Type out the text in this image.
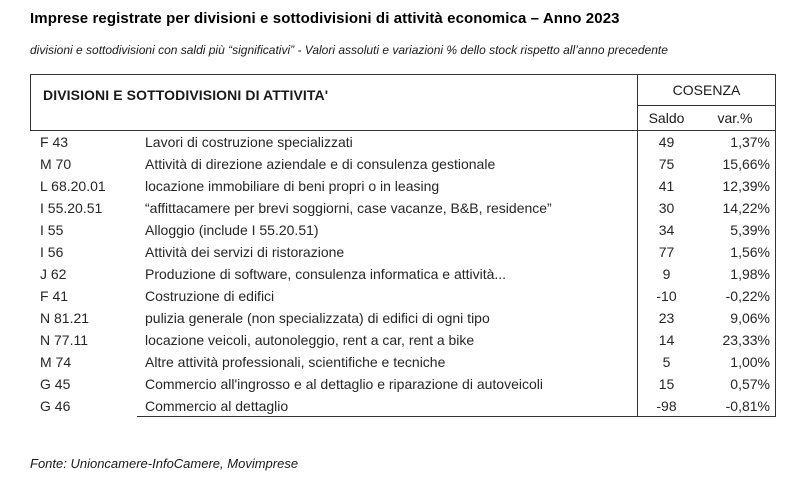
Imprese registrate per divisioni e sottodivisioni di attività economica – Anno 2023
divisioni e sottodivisioni con saldi più “significativi” - Valori assoluti e variazioni % dello stock rispetto all’anno precedente
DIVISIONI E SOTTODIVISIONI DI ATTIVITA'	COSENZA
Saldo	var.%
F 43	Lavori di costruzione specializzati	49	1,37%
M 70	Attività di direzione aziendale e di consulenza gestionale	75	15,66%
L 68.20.01	locazione immobiliare di beni propri o in leasing	41	12,39%
I 55.20.51	“affittacamere per brevi soggiorni, case vacanze, B&B, residence”	30	14,22%
I 55	Alloggio (include I 55.20.51)	34	5,39%
I 56	Attività dei servizi di ristorazione	77	1,56%
J 62	Produzione di software, consulenza informatica e attività...	9	1,98%
F 41	Costruzione di edifici	-10	-0,22%
N 81.21	pulizia generale (non specializzata) di edifici di ogni tipo	23	9,06%
N 77.11	locazione veicoli, autonoleggio, rent a car, rent a bike	14	23,33%
M 74	Altre attività professionali, scientifiche e tecniche	5	1,00%
G 45	Commercio all'ingrosso e al dettaglio e riparazione di autoveicoli	15	0,57%
G 46	Commercio al dettaglio	-98	-0,81%
Fonte: Unioncamere-InfoCamere, Movimprese
